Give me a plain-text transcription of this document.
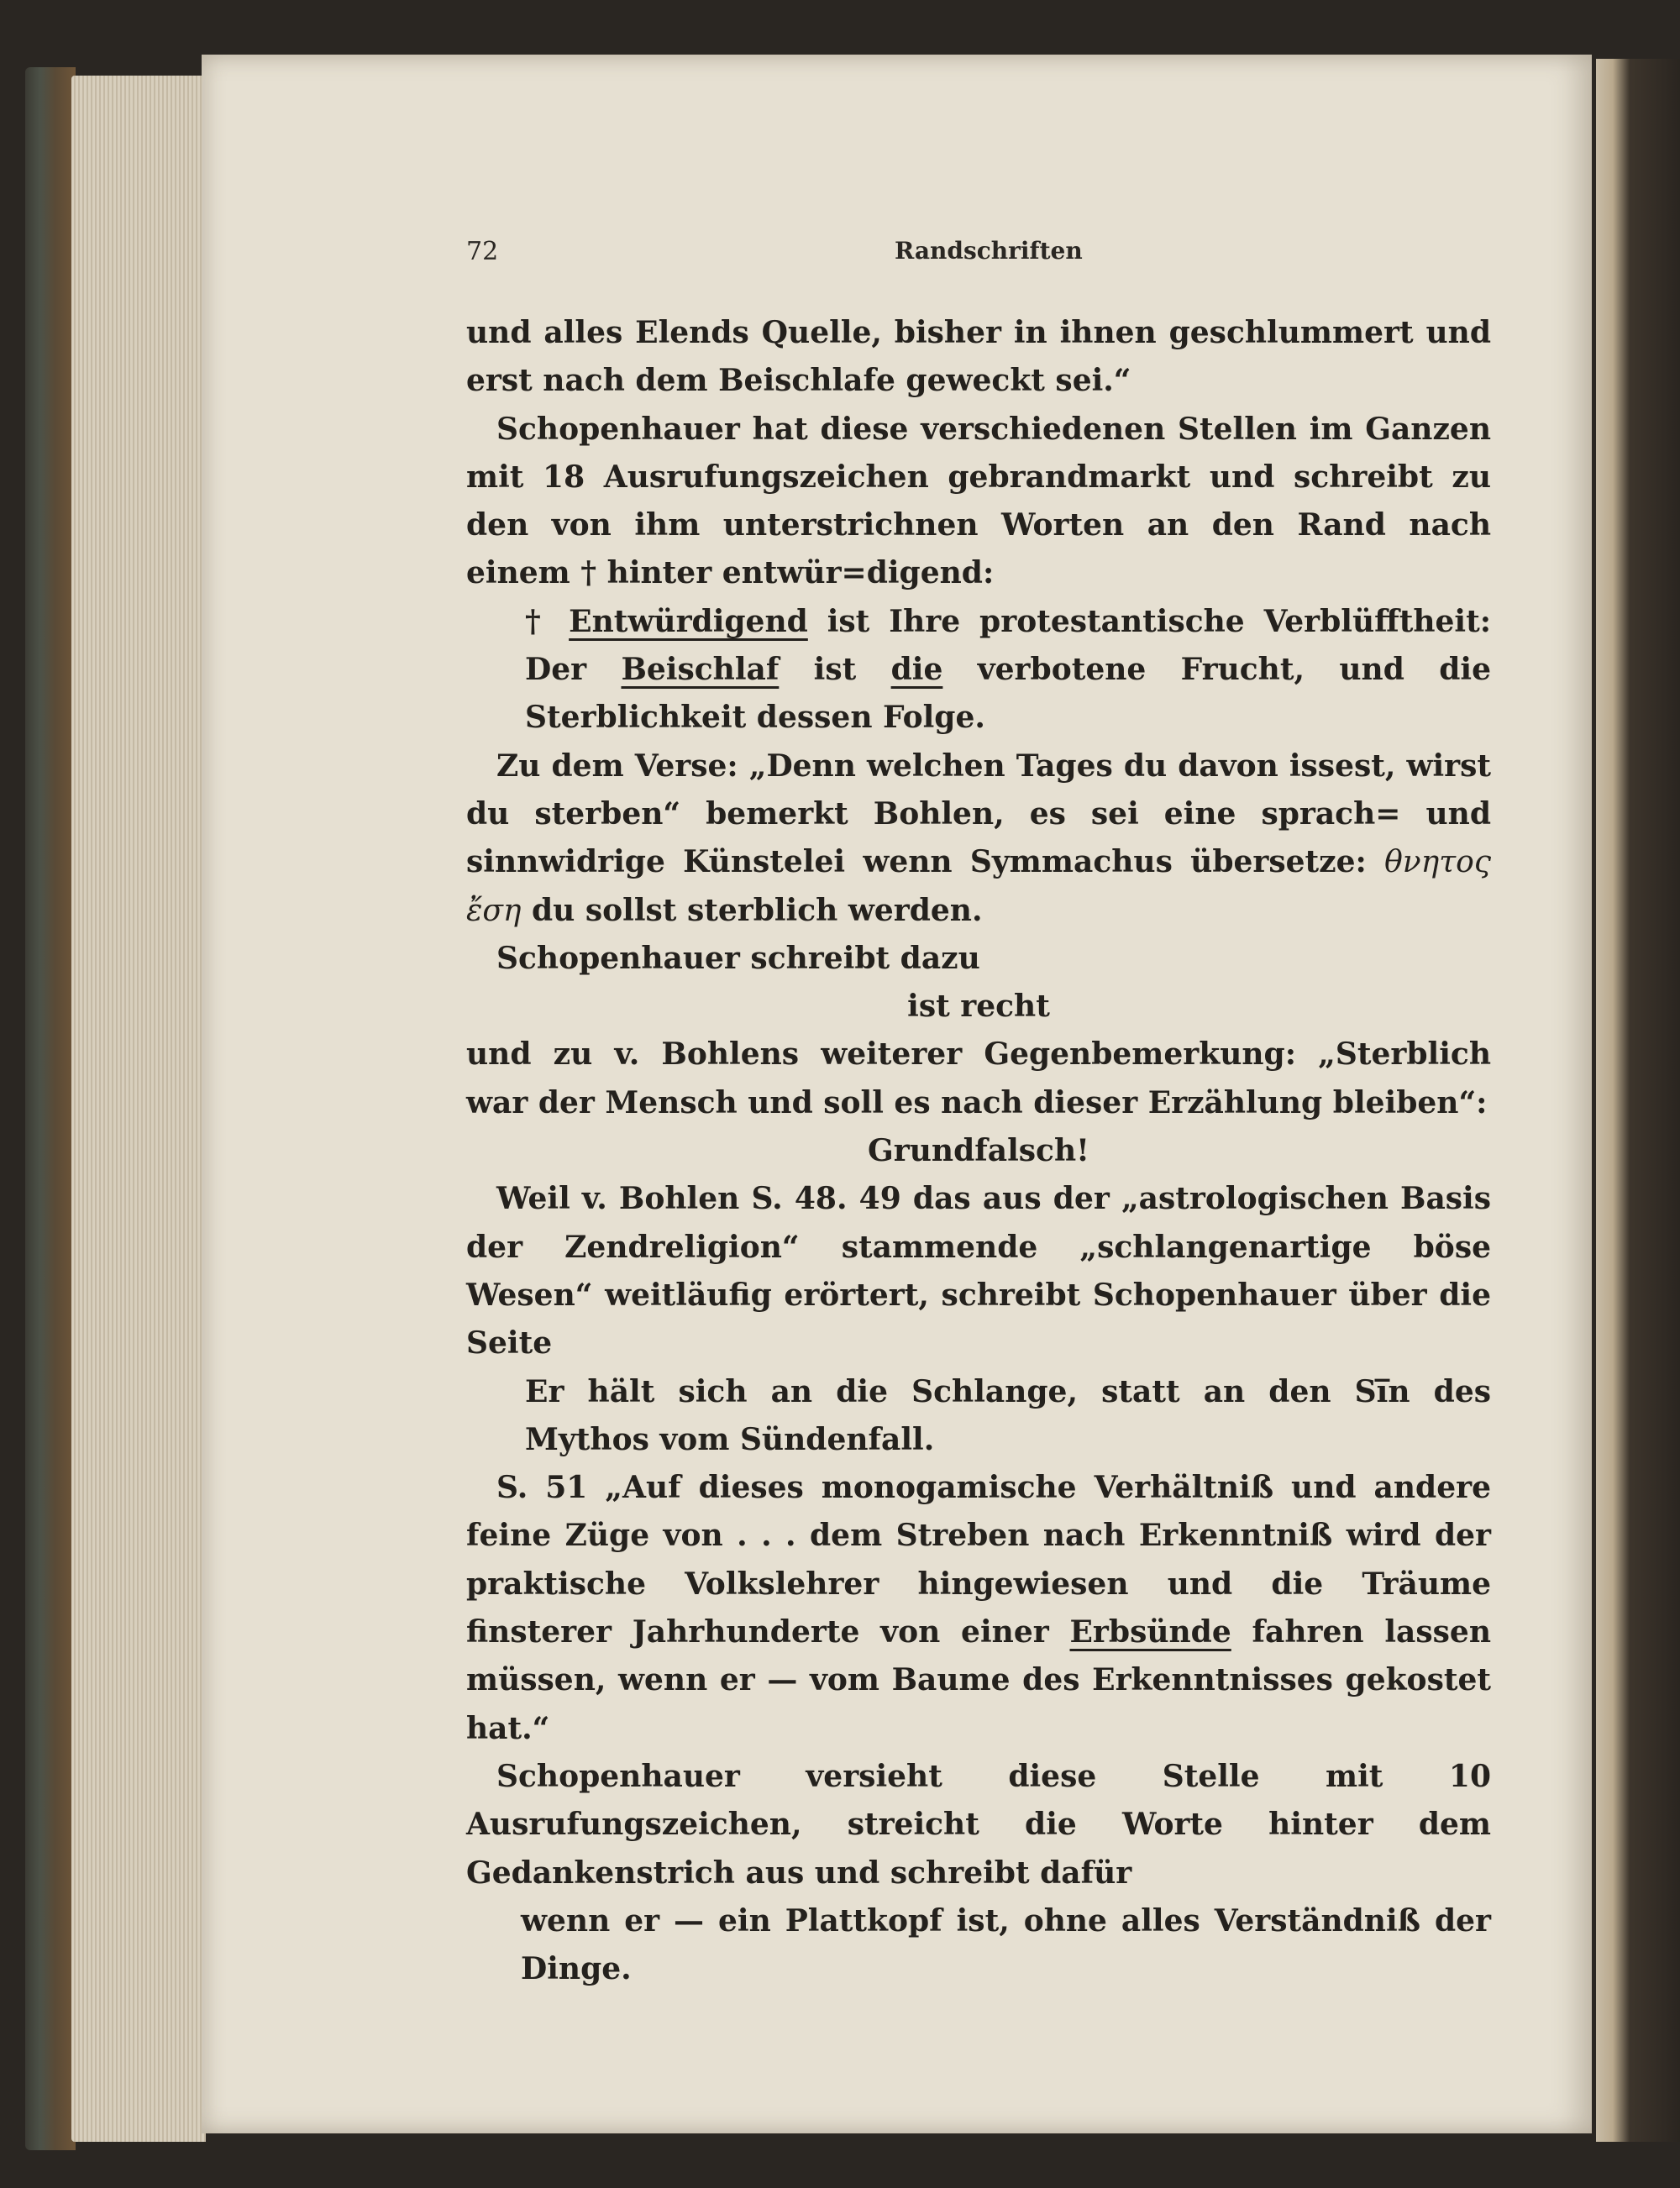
72	Randschriften

und alles Elends Quelle, bisher in ihnen geschlummert und erst nach dem Beischlafe geweckt sei.“

Schopenhauer hat diese verschiedenen Stellen im Ganzen mit 18 Ausrufungszeichen gebrandmarkt und schreibt zu den von ihm unterstrichnen Worten an den Rand nach einem † hinter entwür=digend:

† Entwürdigend ist Ihre protestantische Verblüfftheit: Der Beischlaf ist die verbotene Frucht, und die Sterblichkeit dessen Folge.

Zu dem Verse: „Denn welchen Tages du davon issest, wirst du sterben“ bemerkt Bohlen, es sei eine sprach= und sinnwidrige Künstelei wenn Symmachus übersetze: θνητος ἔση du sollst sterblich werden.

Schopenhauer schreibt dazu

ist recht

und zu v. Bohlens weiterer Gegenbemerkung: „Sterblich war der Mensch und soll es nach dieser Erzählung bleiben“:

Grundfalsch!

Weil v. Bohlen S. 48. 49 das aus der „astrologischen Basis der Zendreligion“ stammende „schlangenartige böse Wesen“ weitläufig erörtert, schreibt Schopenhauer über die Seite

Er hält sich an die Schlange, statt an den Si̅n des Mythos vom Sündenfall.

S. 51 „Auf dieses monogamische Verhältniß und andere feine Züge von . . . dem Streben nach Erkenntniß wird der praktische Volkslehrer hingewiesen und die Träume finsterer Jahrhunderte von einer Erbsünde fahren lassen müssen, wenn er — vom Baume des Erkenntnisses gekostet hat.“

Schopenhauer versieht diese Stelle mit 10 Ausrufungszeichen, streicht die Worte hinter dem Gedankenstrich aus und schreibt dafür

wenn er — ein Plattkopf ist, ohne alles Verständniß der Dinge.
